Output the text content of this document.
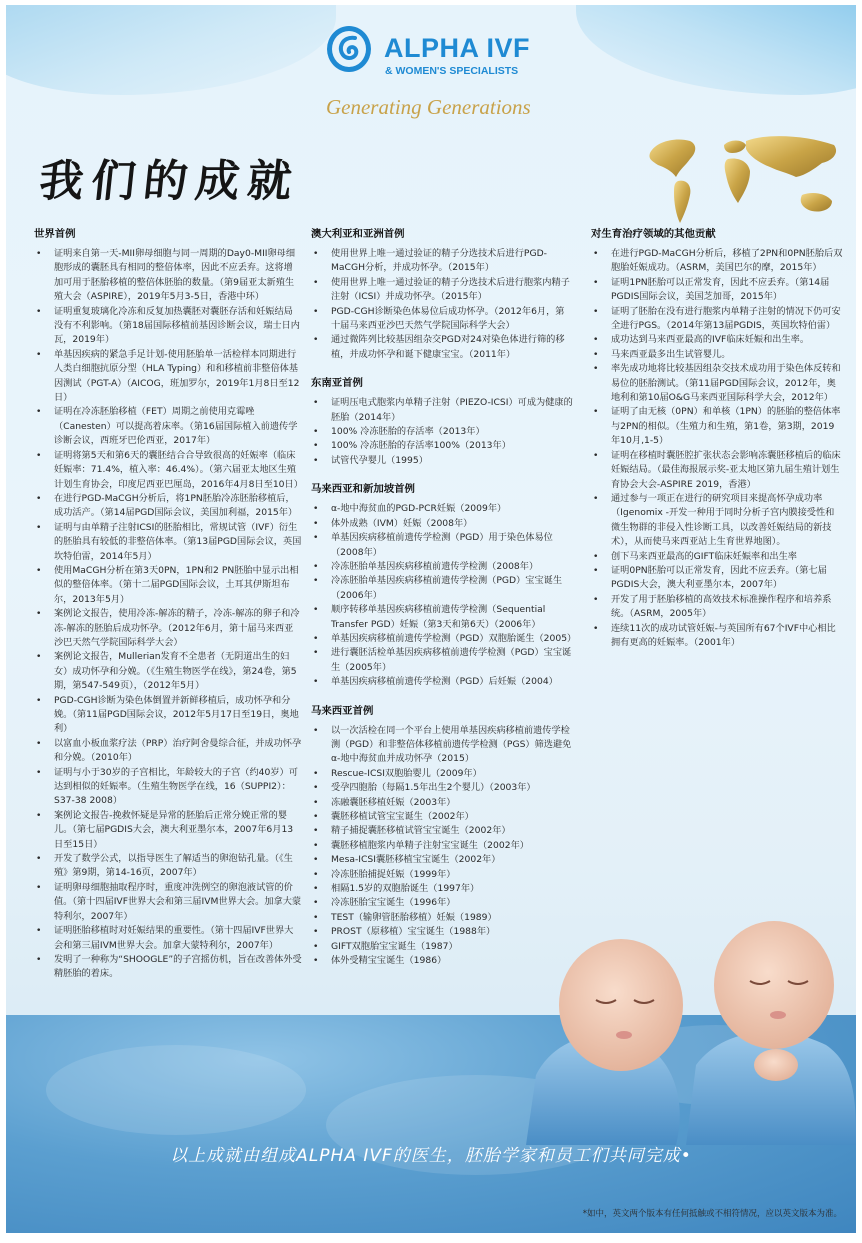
ALPHA IVF
& WOMEN'S SPECIALISTS
Generating Generations
我们的成就
世界首例
• 证明来自第一天-MII卵母细胞与同一周期的Day0-MII卵母细胞形成的囊胚具有相同的整倍体率，因此不应丢弃。这将增加可用于胚胎移植的整倍体胚胎的数量。（第9届亚太新殖生殖大会（ASPIRE），2019年5月3-5日，香港中环）
• 证明重复玻璃化冷冻和反复加热囊胚对囊胚存活和妊娠结局没有不利影响。（第18届国际移植前基因诊断会议，瑞士日内瓦，2019年）
• 单基因疾病的紧急手足计划-使用胚胎单一活检样本同期进行人类白细胞抗原分型（HLA Typing）和和移植前非整倍体基因测试（PGT-A）（AICOG，班加罗尔，2019年1月8日至12日）
• 证明在冷冻胚胎移植（FET）周期之前使用克霉唑（Canesten）可以提高着床率。（第16届国际植入前遗传学诊断会议，西班牙巴伦西亚，2017年）
• 证明将第5天和第6天的囊胚结合合导致很高的妊娠率（临床妊娠率：71.4%，植入率：46.4%）。（第六届亚太地区生殖计划生育协会，印度尼西亚巴厘岛，2016年4月8日至10日）
• 在进行PGD-MaCGH分析后，将1PN胚胎冷冻胚胎移植后，成功活产。（第14届PGD国际会议，美国加利福，2015年）
• 证明与由单精子注射ICSI的胚胎相比，常规试管（IVF）衍生的胚胎具有较低的非整倍体率。（第13届PGD国际会议，英国坎特伯雷，2014年5月）
• 使用MaCGH分析在第3天0PN，1PN和2 PN胚胎中显示出相似的整倍体率。（第十二届PGD国际会议，土耳其伊斯坦布尔，2013年5月）
• 案例论文报告，使用冷冻-解冻的精子，冷冻-解冻的卵子和冷冻-解冻的胚胎后成功怀孕。（2012年6月，第十届马来西亚沙巴天然气学院国际科学大会）
• 案例论文报告，Mullerian发育不全患者（无阴道出生的妇女）成功怀孕和分娩。（《生殖生物医学在线》，第24卷，第5期，第547-549页），（2012年5月）
• PGD-CGH诊断为染色体倒置并新鲜移植后，成功怀孕和分娩。（第11届PGD国际会议，2012年5月17日至19日，奥地利）
• 以富血小板血浆疗法（PRP）治疗阿舍曼综合征，并成功怀孕和分娩。（2010年）
• 证明与小于30岁的子宫相比，年龄较大的子宫（约40岁）可达到相似的妊娠率。（生殖生物医学在线，16（SUPPI2）：S37-38 2008）
• 案例论文报告-挽救怀疑是异常的胚胎后正常分娩正常的婴儿。（第七届PGDIS大会，澳大利亚墨尔本，2007年6月13日至15日）
• 开发了数学公式，以指导医生了解适当的卵泡钻孔量。（《生殖》第9期，第14-16页，2007年）
• 证明卵母细胞抽取程序时，重度冲洗例空的卵泡液试管的价值。（第十四届IVF世界大会和第三届IVM世界大会。加拿大蒙特利尔，2007年）
• 证明胚胎移植时对妊娠结果的重要性。（第十四届IVF世界大会和第三届IVM世界大会。加拿大蒙特利尔，2007年）
• 发明了一种称为“SHOOGLE”的子宫摇仿机，旨在改善体外受精胚胎的着床。
澳大利亚和亚洲首例
• 使用世界上唯一通过验证的精子分选技术后进行PGD-MaCGH分析，并成功怀孕。（2015年）
• 使用世界上唯一通过验证的精子分选技术后进行胞浆内精子注射（ICSI）并成功怀孕。（2015年）
• PGD-CGH诊断染色体易位后成功怀孕。（2012年6月，第十届马来西亚沙巴天然气学院国际科学大会）
• 通过微阵列比较基因组杂交PGD对24对染色体进行筛的移植，并成功怀孕和诞下健康宝宝。（2011年）
东南亚首例
• 证明压电式胞浆内单精子注射（PIEZO-ICSI）可成为健康的胚胎（2014年）
• 100% 冷冻胚胎的存活率（2013年）
• 100% 冷冻胚胎的存活率100%（2013年）
• 试管代孕婴儿（1995）
马来西亚和新加坡首例
• α-地中海贫血的PGD-PCR妊娠（2009年）
• 体外成熟（IVM）妊娠（2008年）
• 单基因疾病移植前遗传学检测（PGD）用于染色体易位（2008年）
• 冷冻胚胎单基因疾病移植前遗传学检测（2008年）
• 冷冻胚胎单基因疾病移植前遗传学检测（PGD）宝宝诞生（2006年）
• 顺序转移单基因疾病移植前遗传学检测（Sequential Transfer PGD）妊娠（第3天和第6天）（2006年）
• 单基因疾病移植前遗传学检测（PGD）双胞胎诞生（2005）
• 进行囊胚活检单基因疾病移植前遗传学检测（PGD）宝宝诞生（2005年）
• 单基因疾病移植前遗传学检测（PGD）后妊娠（2004）
马来西亚首例
• 以一次活检在同一个平台上使用单基因疾病移植前遗传学检测（PGD）和非整倍体移植前遗传学检测（PGS）筛选避免α-地中海贫血并成功怀孕（2015）
• Rescue-ICSI双胞胎婴儿（2009年）
• 受孕四胞胎（每隔1.5年出生2个婴儿）（2003年）
• 冻融囊胚移植妊娠（2003年）
• 囊胚移植试管宝宝诞生（2002年）
• 精子捕捉囊胚移植试管宝宝诞生（2002年）
• 囊胚移植胞浆内单精子注射宝宝诞生（2002年）
• Mesa-ICSI囊胚移植宝宝诞生（2002年）
• 冷冻胚胎捕捉妊娠（1999年）
• 相隔1.5岁的双胞胎诞生（1997年）
• 冷冻胚胎宝宝诞生（1996年）
• TEST（输卵管胚胎移植）妊娠（1989）
• PROST（原移植）宝宝诞生（1988年）
• GIFT双胞胎宝宝诞生（1987）
• 体外受精宝宝诞生（1986）
对生育治疗领域的其他贡献
• 在进行PGD-MaCGH分析后，移植了2PN和0PN胚胎后双胞胎妊娠成功。（ASRM，美国巴尔的摩，2015年）
• 证明1PN胚胎可以正常发育，因此不应丢弃。（第14届PGDIS国际会议，美国芝加哥，2015年）
• 证明了胚胎在没有进行胞浆内单精子注射的情况下仍可安全进行PGS。（2014年第13届PGDIS，英国坎特伯雷）
• 成功达到马来西亚最高的IVF临床妊娠和出生率。
• 马来西亚最多出生试管婴儿。
• 率先成功地将比较基因组杂交技术成功用于染色体反转和易位的胚胎测试。（第11届PGD国际会议，2012年，奥地利和第10届O&G马来西亚国际科学大会，2012年）
• 证明了由无核（0PN）和单核（1PN）的胚胎的整倍体率与2PN的相似。（生殖力和生殖，第1卷，第3期，2019年10月,1-5）
• 证明在移植时囊胚腔扩张状态会影响冻囊胚移植后的临床妊娠结局。（最佳海报展示奖-亚太地区第九届生殖计划生育协会大会-ASPIRE 2019，香港）
• 通过参与一项正在进行的研究项目来提高怀孕成功率（Igenomix -开发一种用于同时分析子宫内膜接受性和微生物群的非侵入性诊断工具，以改善妊娠结局的新技术），从而使马来西亚站上生育世界地图）。
• 创下马来西亚最高的GIFT临床妊娠率和出生率
• 证明0PN胚胎可以正常发育，因此不应丢弃。（第七届PGDIS大会，澳大利亚墨尔本，2007年）
• 开发了用于胚胎移植的高效技术标准操作程序和培养系统。（ASRM，2005年）
• 连续11次的成功试管妊娠-与英国所有67个IVF中心相比拥有更高的妊娠率。（2001年）
以上成就由组成ALPHA IVF的医生，胚胎学家和员工们共同完成•
*如中，英文两个版本有任何抵触或不相符情况，应以英文版本为准。
